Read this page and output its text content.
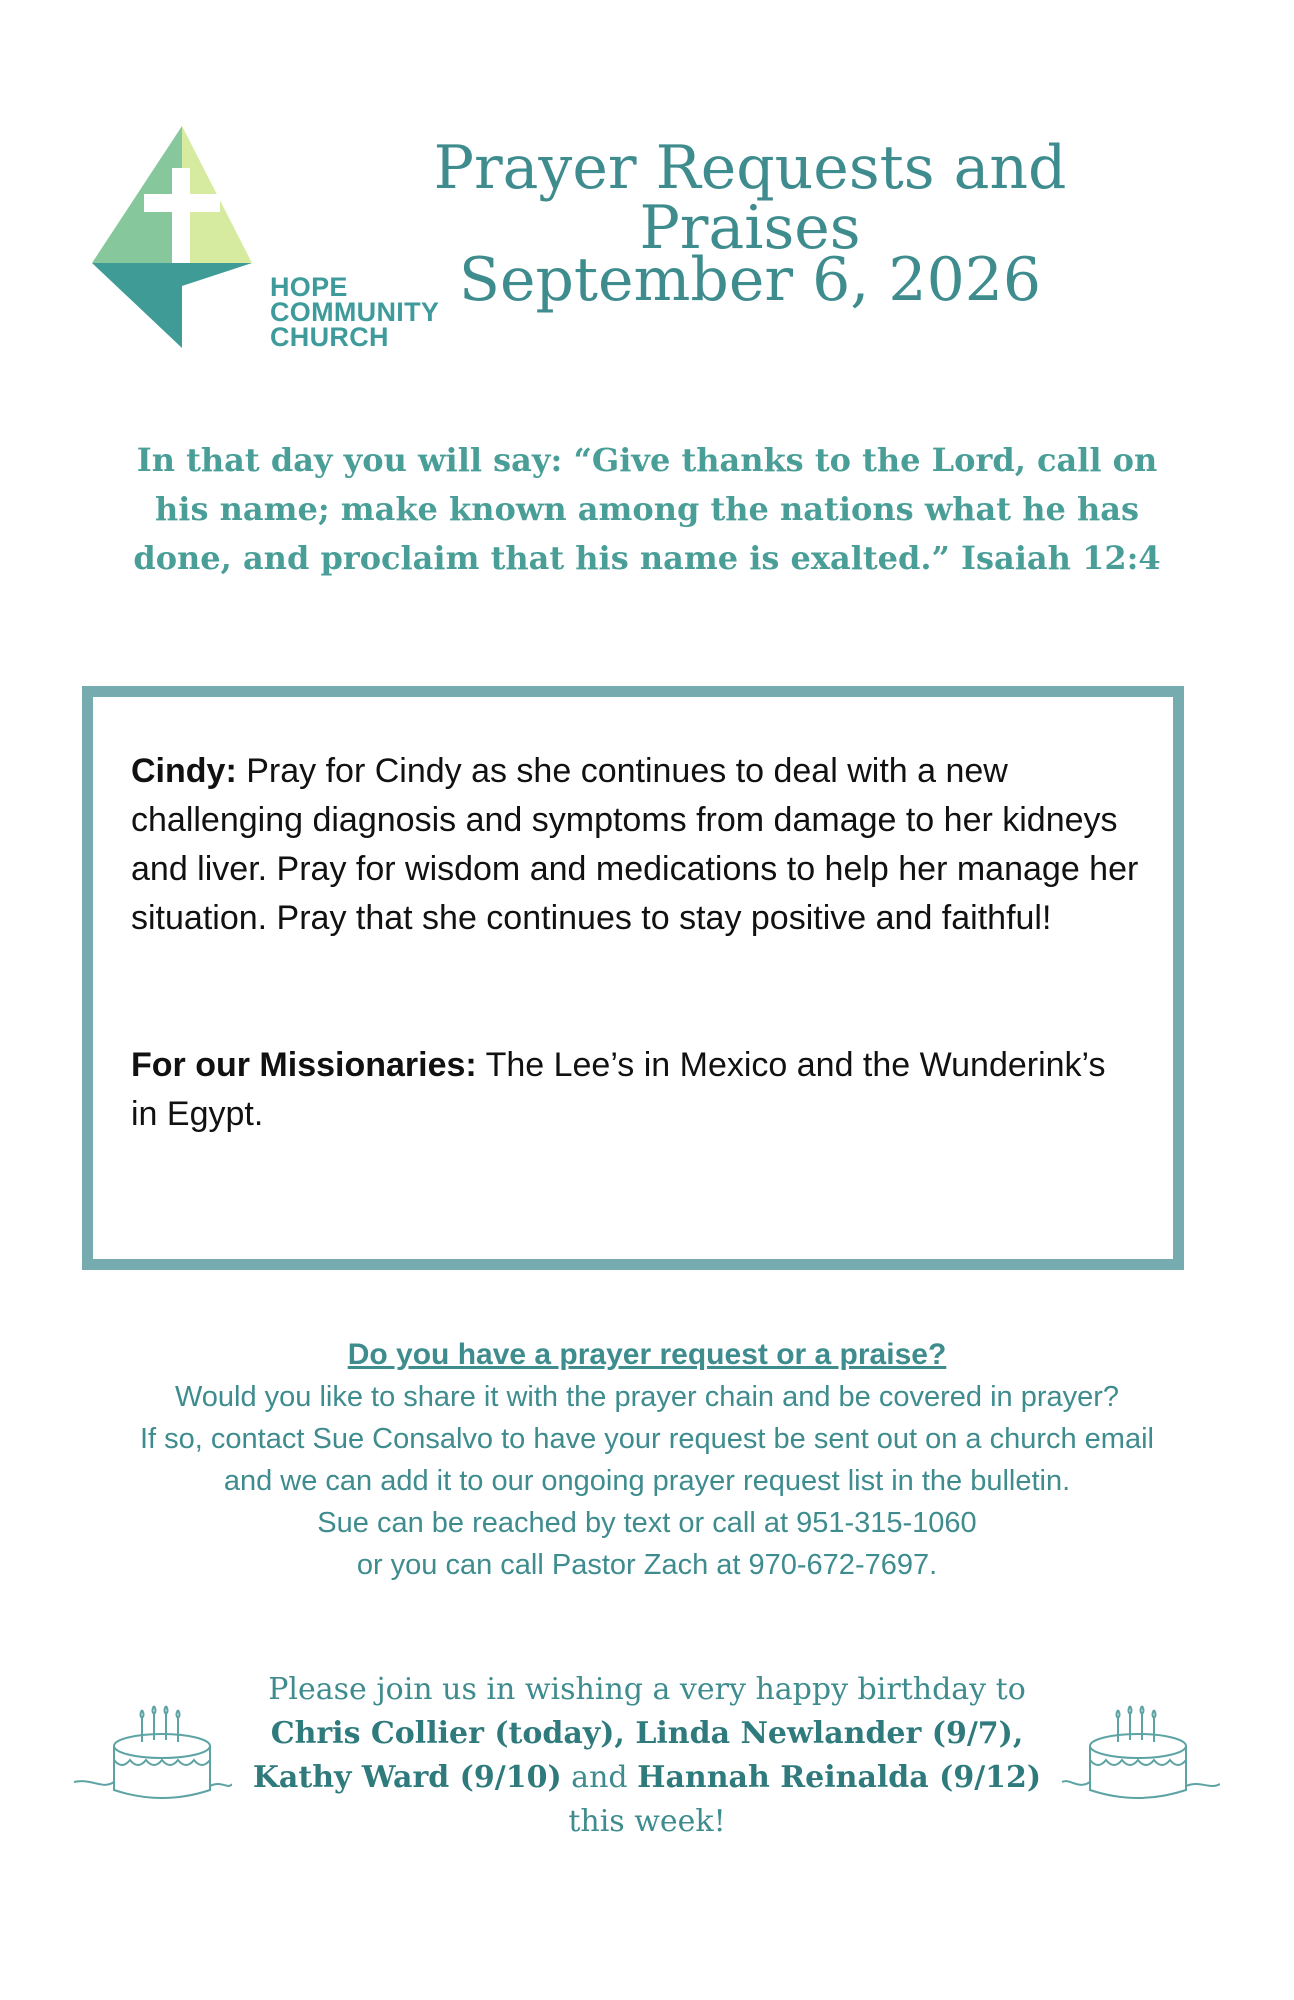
HOPE
COMMUNITY
CHURCH
Prayer Requests and Praises
September 6, 2026
In that day you will say: “Give thanks to the Lord, call on his name; make known among the nations what he has done, and proclaim that his name is exalted.” Isaiah 12:4
Cindy: Pray for Cindy as she continues to deal with a new challenging diagnosis and symptoms from damage to her kidneys and liver. Pray for wisdom and medications to help her manage her situation. Pray that she continues to stay positive and faithful!
For our Missionaries: The Lee’s in Mexico and the Wunderink’s in Egypt.
Do you have a prayer request or a praise?
Would you like to share it with the prayer chain and be covered in prayer?
If so, contact Sue Consalvo to have your request be sent out on a church email
and we can add it to our ongoing prayer request list in the bulletin.
Sue can be reached by text or call at 951-315-1060
or you can call Pastor Zach at 970-672-7697.
Please join us in wishing a very happy birthday to
Chris Collier (today), Linda Newlander (9/7),
Kathy Ward (9/10) and Hannah Reinalda (9/12)
this week!
